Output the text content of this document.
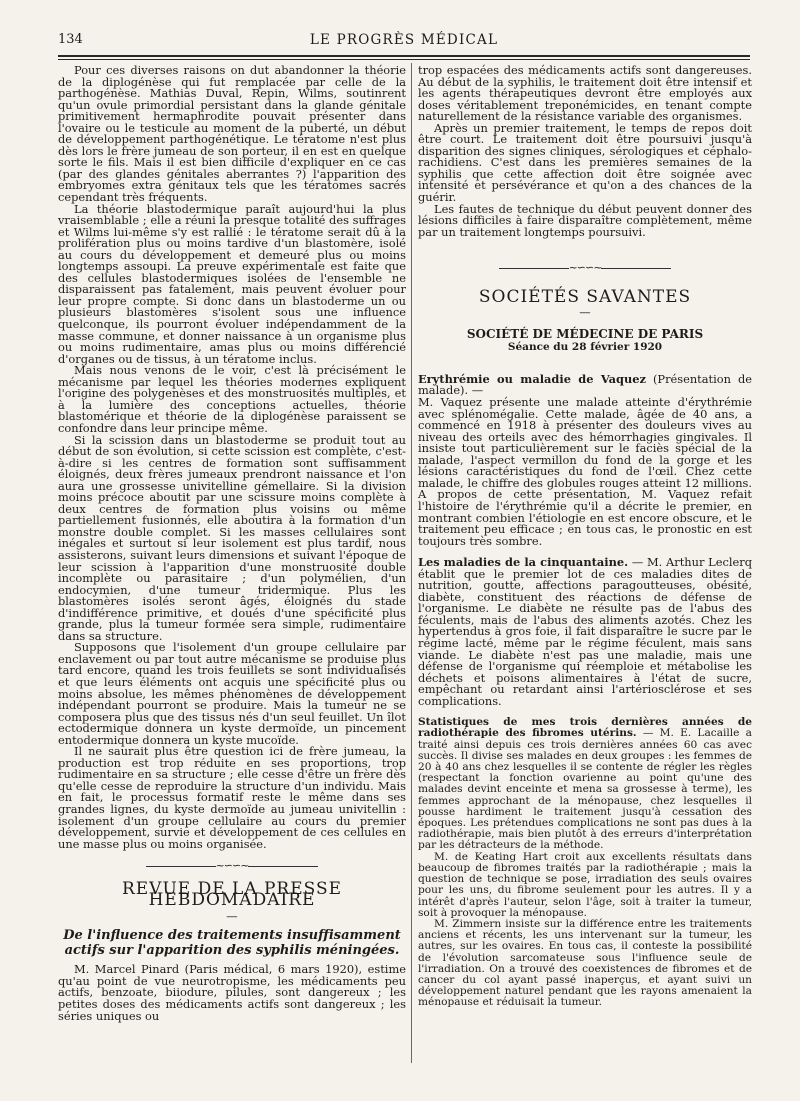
134	LE PROGRÈS MÉDICAL

Pour ces diverses raisons on dut abandonner la théorie de la diplogénèse qui fut remplacée par celle de la parthogénèse. Mathias Duval, Repin, Wilms, soutinrent qu'un ovule primordial persistant dans la glande génitale primitivement hermaphrodite pouvait présenter dans l'ovaire ou le testicule au moment de la puberté, un début de développement parthogénétique. Le tératome n'est plus dès lors le frère jumeau de son porteur, il en est en quelque sorte le fils. Mais il est bien difficile d'expliquer en ce cas (par des glandes génitales aberrantes ?) l'apparition des embryomes extra génitaux tels que les tératomes sacrés cependant très fréquents.

La théorie blastodermique paraît aujourd'hui la plus vraisemblable ; elle a réuni la presque totalité des suffrages et Wilms lui-même s'y est rallié : le tératome serait dû à la prolifération plus ou moins tardive d'un blastomère, isolé au cours du développement et demeuré plus ou moins longtemps assoupi. La preuve expérimentale est faite que des cellules blastodermiques isolées de l'ensemble ne disparaissent pas fatalement, mais peuvent évoluer pour leur propre compte. Si donc dans un blastoderme un ou plusieurs blastomères s'isolent sous une influence quelconque, ils pourront évoluer indépendamment de la masse commune, et donner naissance à un organisme plus ou moins rudimentaire, amas plus ou moins différencié d'organes ou de tissus, à un tératome inclus.

Mais nous venons de le voir, c'est là précisément le mécanisme par lequel les théories modernes expliquent l'origine des polygenèses et des monstruosités multiples, et à la lumière des conceptions actuelles, théorie blastomérique et théorie de la diplogénèse paraissent se confondre dans leur principe même.

Si la scission dans un blastoderme se produit tout au début de son évolution, si cette scission est complète, c'est-à-dire si les centres de formation sont suffisamment éloignés, deux frères jumeaux prendront naissance et l'on aura une grossesse univitelline gémellaire. Si la division moins précoce aboutit par une scissure moins complète à deux centres de formation plus voisins ou même partiellement fusionnés, elle aboutira à la formation d'un monstre double complet. Si les masses cellulaires sont inégales et surtout si leur isolement est plus tardif, nous assisterons, suivant leurs dimensions et suivant l'époque de leur scission à l'apparition d'une monstruosité double incomplète ou parasitaire ; d'un polymélien, d'un endocymien, d'une tumeur tridermique. Plus les blastomères isolés seront âgés, éloignés du stade d'indifférence primitive, et doués d'une spécificité plus grande, plus la tumeur formée sera simple, rudimentaire dans sa structure.

Supposons que l'isolement d'un groupe cellulaire par enclavement ou par tout autre mécanisme se produise plus tard encore, quand les trois feuillets se sont individualisés et que leurs éléments ont acquis une spécificité plus ou moins absolue, les mêmes phénomènes de développement indépendant pourront se produire. Mais la tumeur ne se composera plus que des tissus nés d'un seul feuillet. Un îlot ectodermique donnera un kyste dermoïde, un pincement entodermique donnera un kyste mucoïde.

Il ne saurait plus être question ici de frère jumeau, la production est trop réduite en ses proportions, trop rudimentaire en sa structure ; elle cesse d'être un frère dès qu'elle cesse de reproduire la structure d'un individu. Mais en fait, le processus formatif reste le même dans ses grandes lignes, du kyste dermoïde au jumeau univitellin : isolement d'un groupe cellulaire au cours du premier développement, survie et développement de ces cellules en une masse plus ou moins organisée.

~∽∽~
REVUE DE LA PRESSE HEBDOMADAIRE
—
De l'influence des traitements insuffisamment actifs sur l'apparition des syphilis méningées.

M. Marcel Pinard (Paris médical, 6 mars 1920), estime qu'au point de vue neurotropisme, les médicaments peu actifs, benzoate, biiodure, pilules, sont dangereux ; les petites doses des médicaments actifs sont dangereux ; les séries uniques ou

trop espacées des médicaments actifs sont dangereuses. Au début de la syphilis, le traitement doit être intensif et les agents thérapeutiques devront être employés aux doses véritablement treponémicides, en tenant compte naturellement de la résistance variable des organismes.

Après un premier traitement, le temps de repos doit être court. Le traitement doit être poursuivi jusqu'à disparition des signes cliniques, sérologiques et céphalo-rachidiens. C'est dans les premières semaines de la syphilis que cette affection doit être soignée avec intensité et persévérance et qu'on a des chances de la guérir.

Les fautes de technique du début peuvent donner des lésions difficiles à faire disparaître complètement, même par un traitement longtemps poursuivi.

~∽∽~
SOCIÉTÉS SAVANTES
—
SOCIÉTÉ DE MÉDECINE DE PARIS
Séance du 28 février 1920

Erythrémie ou maladie de Vaquez (Présentation de malade). —

M. Vaquez présente une malade atteinte d'érythrémie avec splénomégalie. Cette malade, âgée de 40 ans, a commencé en 1918 à présenter des douleurs vives au niveau des orteils avec des hémorrhagies gingivales. Il insiste tout particulièrement sur le faciès spécial de la malade, l'aspect vermillon du fond de la gorge et les lésions caractéristiques du fond de l'œil. Chez cette malade, le chiffre des globules rouges atteint 12 millions. A propos de cette présentation, M. Vaquez refait l'histoire de l'érythrémie qu'il a décrite le premier, en montrant combien l'étiologie en est encore obscure, et le traitement peu efficace ; en tous cas, le pronostic en est toujours très sombre.

Les maladies de la cinquantaine. — M. Arthur Leclerq établit que le premier lot de ces maladies dites de nutrition, goutte, affections paragoutteuses, obésité, diabète, constituent des réactions de défense de l'organisme. Le diabète ne résulte pas de l'abus des féculents, mais de l'abus des aliments azotés. Chez les hypertendus à gros foie, il fait disparaître le sucre par le régime lacté, même par le régime féculent, mais sans viande. Le diabète n'est pas une maladie, mais une défense de l'organisme qui réemploie et métabolise les déchets et poisons alimentaires à l'état de sucre, empêchant ou retardant ainsi l'artériosclérose et ses complications.

Statistiques de mes trois dernières années de radiothérapie des fibromes utérins. — M. E. Lacaille a traité ainsi depuis ces trois dernières années 60 cas avec succès. Il divise ses malades en deux groupes : les femmes de 20 à 40 ans chez lesquelles il se contente de régler les règles (respectant la fonction ovarienne au point qu'une des malades devint enceinte et mena sa grossesse à terme), les femmes approchant de la ménopause, chez lesquelles il pousse hardiment le traitement jusqu'à cessation des époques. Les prétendues complications ne sont pas dues à la radiothérapie, mais bien plutôt à des erreurs d'interprétation par les détracteurs de la méthode.

M. de Keating Hart croit aux excellents résultats dans beaucoup de fibromes traités par la radiothérapie ; mais la question de technique se pose, irradiation des seuls ovaires pour les uns, du fibrome seulement pour les autres. Il y a intérêt d'après l'auteur, selon l'âge, soit à traiter la tumeur, soit à provoquer la ménopause.

M. Zimmern insiste sur la différence entre les traitements anciens et récents, les uns intervenant sur la tumeur, les autres, sur les ovaires. En tous cas, il conteste la possibilité de l'évolution sarcomateuse sous l'influence seule de l'irradiation. On a trouvé des coexistences de fibromes et de cancer du col ayant passé inaperçus, et ayant suivi un développement naturel pendant que les rayons amenaient la ménopause et réduisait la tumeur.
